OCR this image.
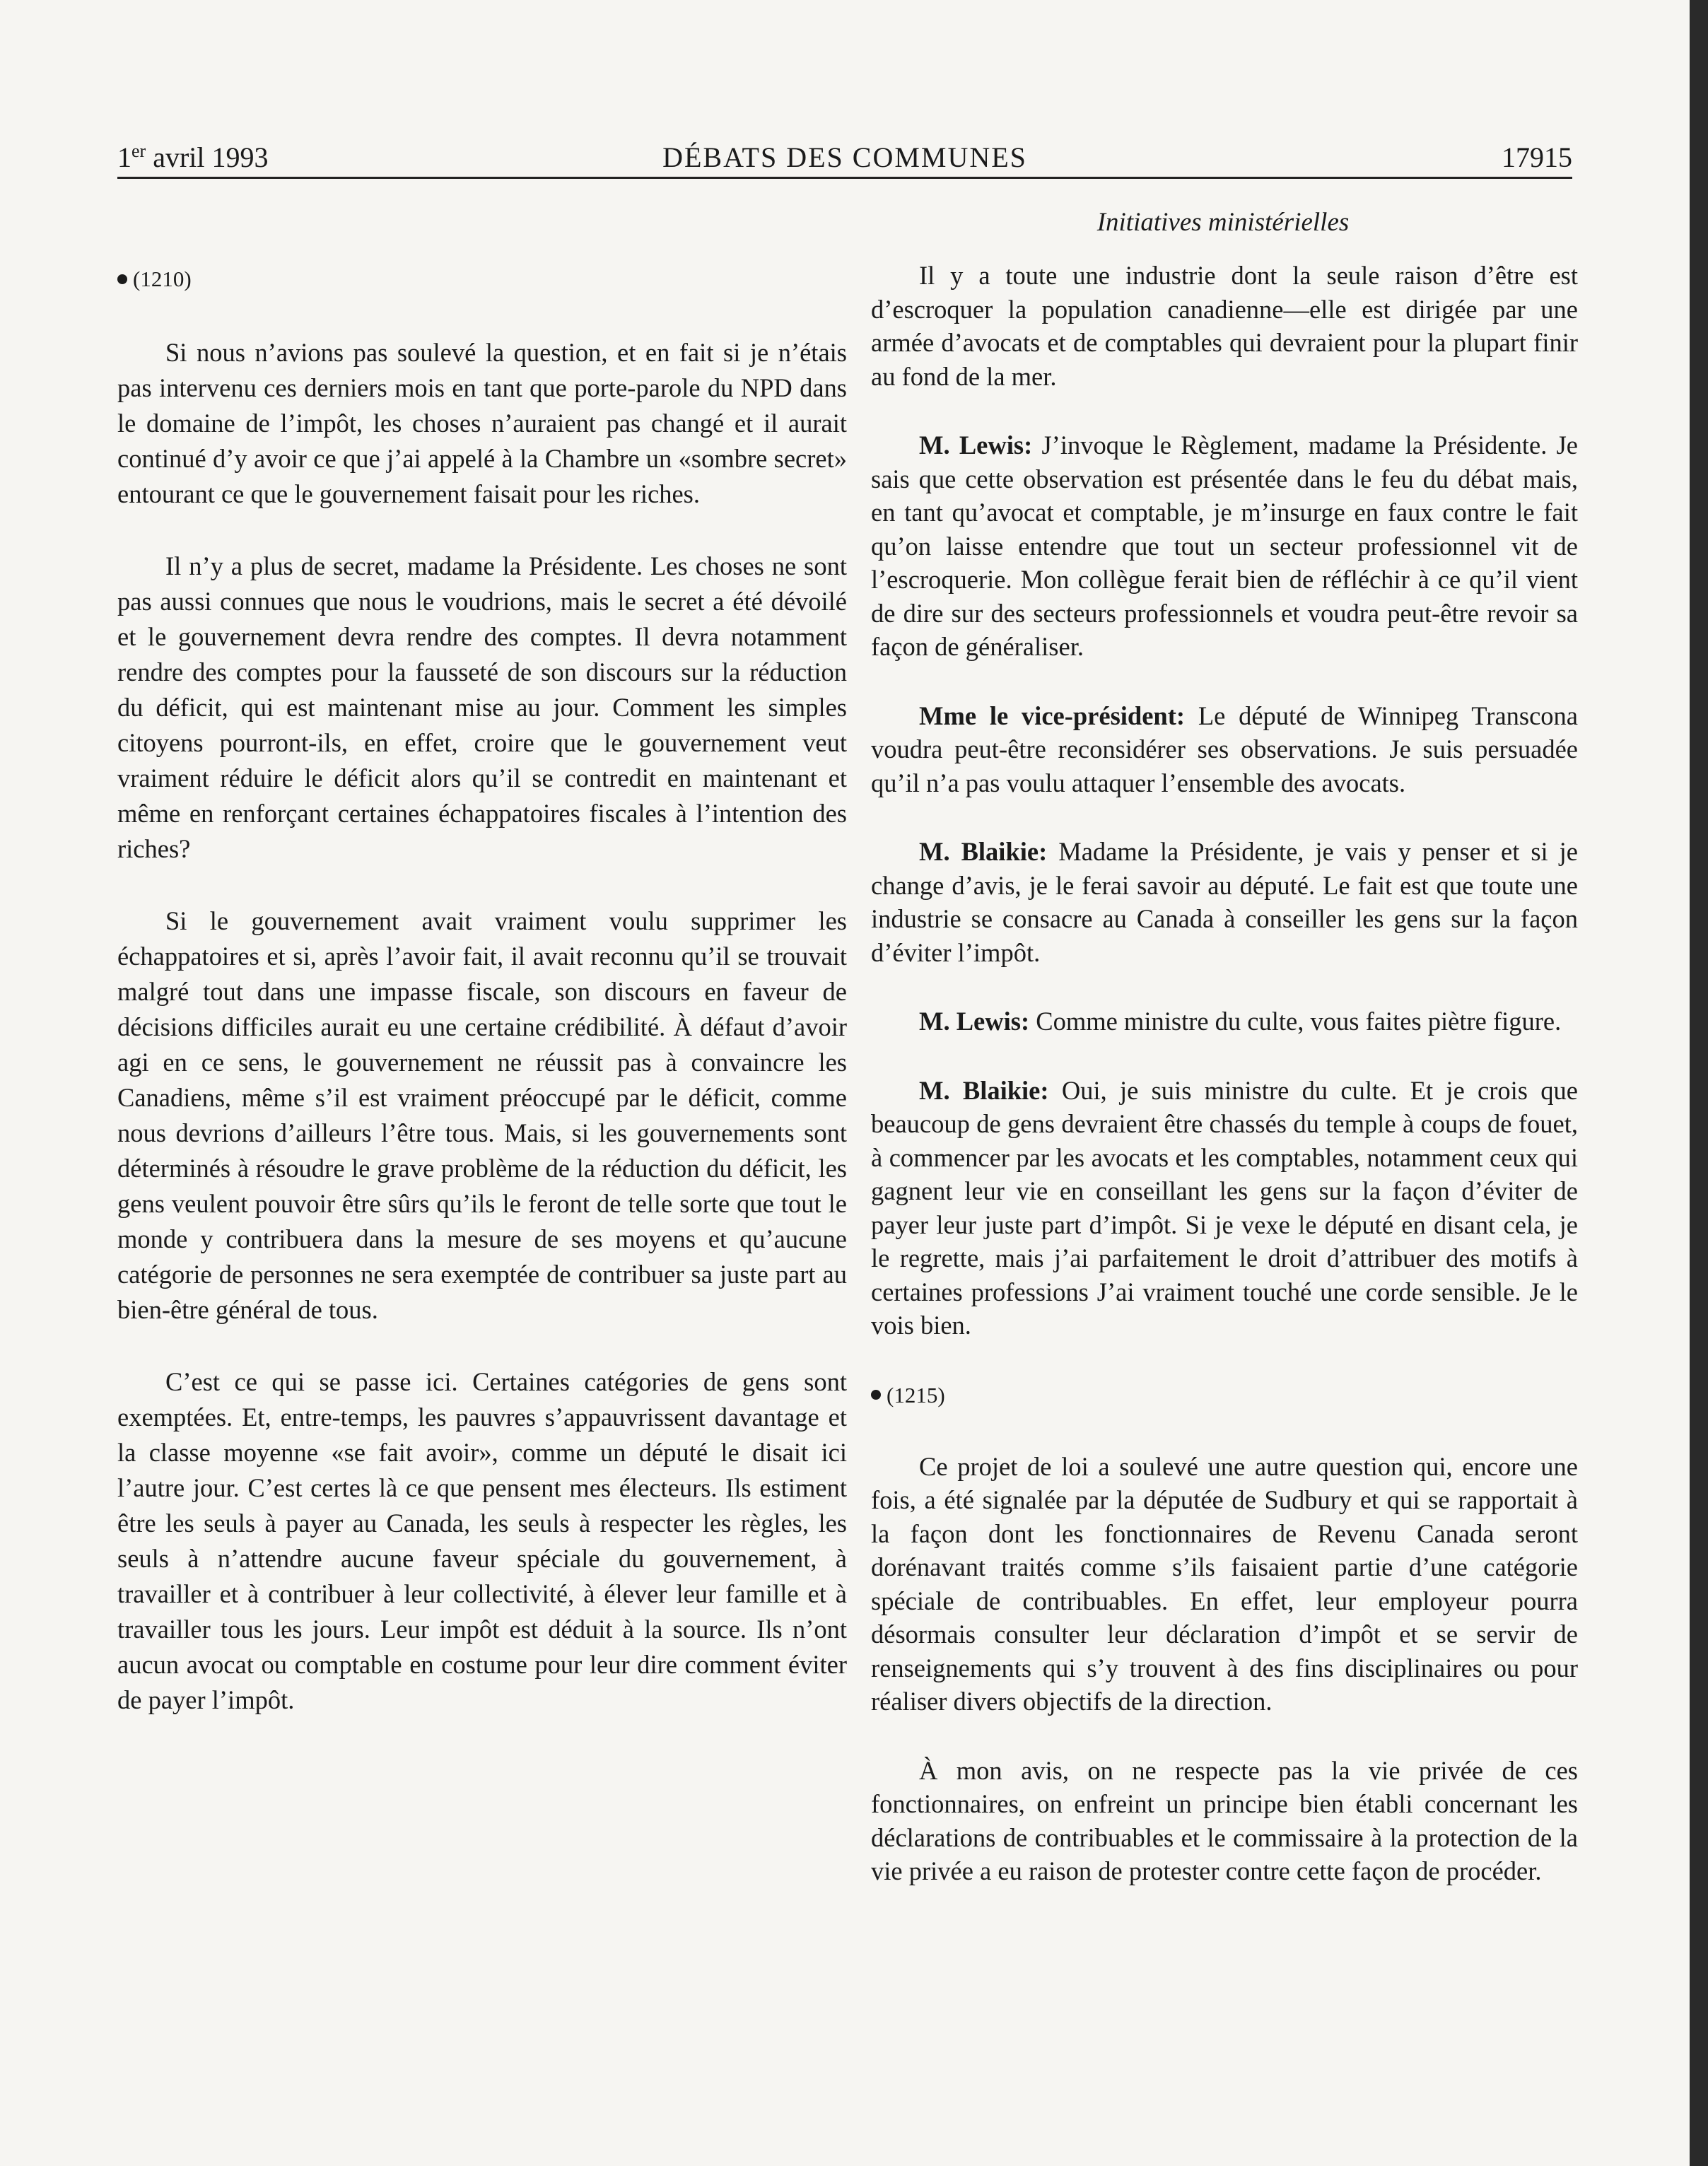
1er avril 1993	DÉBATS DES COMMUNES	17915
Initiatives ministérielles
(1210)

Si nous n’avions pas soulevé la question, et en fait si je n’étais pas intervenu ces derniers mois en tant que porte-parole du NPD dans le domaine de l’impôt, les choses n’auraient pas changé et il aurait continué d’y avoir ce que j’ai appelé à la Chambre un «sombre secret» entourant ce que le gouvernement faisait pour les riches.

Il n’y a plus de secret, madame la Présidente. Les choses ne sont pas aussi connues que nous le voudrions, mais le secret a été dévoilé et le gouvernement devra rendre des comptes. Il devra notamment rendre des comptes pour la fausseté de son discours sur la réduction du déficit, qui est maintenant mise au jour. Comment les simples citoyens pourront-ils, en effet, croire que le gouvernement veut vraiment réduire le déficit alors qu’il se contredit en maintenant et même en renforçant certaines échappatoires fiscales à l’intention des riches?

Si le gouvernement avait vraiment voulu supprimer les échappatoires et si, après l’avoir fait, il avait reconnu qu’il se trouvait malgré tout dans une impasse fiscale, son discours en faveur de décisions difficiles aurait eu une certaine crédibilité. À défaut d’avoir agi en ce sens, le gouvernement ne réussit pas à convaincre les Canadiens, même s’il est vraiment préoccupé par le déficit, comme nous devrions d’ailleurs l’être tous. Mais, si les gouvernements sont déterminés à résoudre le grave problème de la réduction du déficit, les gens veulent pouvoir être sûrs qu’ils le feront de telle sorte que tout le monde y contribuera dans la mesure de ses moyens et qu’aucune catégorie de personnes ne sera exemptée de contribuer sa juste part au bien-être général de tous.

C’est ce qui se passe ici. Certaines catégories de gens sont exemptées. Et, entre-temps, les pauvres s’appauvrissent davantage et la classe moyenne «se fait avoir», comme un député le disait ici l’autre jour. C’est certes là ce que pensent mes électeurs. Ils estiment être les seuls à payer au Canada, les seuls à respecter les règles, les seuls à n’attendre aucune faveur spéciale du gouvernement, à travailler et à contribuer à leur collectivité, à élever leur famille et à travailler tous les jours. Leur impôt est déduit à la source. Ils n’ont aucun avocat ou comptable en costume pour leur dire comment éviter de payer l’impôt.

Il y a toute une industrie dont la seule raison d’être est d’escroquer la population canadienne—elle est dirigée par une armée d’avocats et de comptables qui devraient pour la plupart finir au fond de la mer.

M. Lewis: J’invoque le Règlement, madame la Présidente. Je sais que cette observation est présentée dans le feu du débat mais, en tant qu’avocat et comptable, je m’insurge en faux contre le fait qu’on laisse entendre que tout un secteur professionnel vit de l’escroquerie. Mon collègue ferait bien de réfléchir à ce qu’il vient de dire sur des secteurs professionnels et voudra peut-être revoir sa façon de généraliser.

Mme le vice-président: Le député de Winnipeg Transcona voudra peut-être reconsidérer ses observations. Je suis persuadée qu’il n’a pas voulu attaquer l’ensemble des avocats.

M. Blaikie: Madame la Présidente, je vais y penser et si je change d’avis, je le ferai savoir au député. Le fait est que toute une industrie se consacre au Canada à conseiller les gens sur la façon d’éviter l’impôt.

M. Lewis: Comme ministre du culte, vous faites piètre figure.

M. Blaikie: Oui, je suis ministre du culte. Et je crois que beaucoup de gens devraient être chassés du temple à coups de fouet, à commencer par les avocats et les comptables, notamment ceux qui gagnent leur vie en conseillant les gens sur la façon d’éviter de payer leur juste part d’impôt. Si je vexe le député en disant cela, je le regrette, mais j’ai parfaitement le droit d’attribuer des motifs à certaines professions J’ai vraiment touché une corde sensible. Je le vois bien.

(1215)

Ce projet de loi a soulevé une autre question qui, encore une fois, a été signalée par la députée de Sudbury et qui se rapportait à la façon dont les fonctionnaires de Revenu Canada seront dorénavant traités comme s’ils faisaient partie d’une catégorie spéciale de contribuables. En effet, leur employeur pourra désormais consulter leur déclaration d’impôt et se servir de renseignements qui s’y trouvent à des fins disciplinaires ou pour réaliser divers objectifs de la direction.

À mon avis, on ne respecte pas la vie privée de ces fonctionnaires, on enfreint un principe bien établi concernant les déclarations de contribuables et le commissaire à la protection de la vie privée a eu raison de protester contre cette façon de procéder.
